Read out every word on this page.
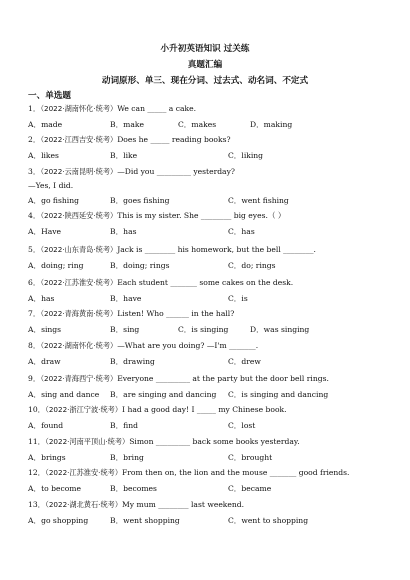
小升初英语知识 过关练
真题汇编
动词原形、单三、现在分词、过去式、动名词、不定式
一、单选题
1．（2022·湖南怀化·统考）We can _____ a cake.
A．made	B．make	C．makes	D．making
2．（2022·江西吉安·统考）Does he _____ reading books?
A．likes	B．like	C．liking
3．（2022·云南昆明·统考）—Did you _________ yesterday?
—Yes, I did.
A．go fishing	B．goes fishing	C．went fishing
4．（2022·陕西延安·统考）This is my sister. She ________ big eyes.（ ）
A．Have	B．has	C．has
5．（2022·山东青岛·统考）Jack is ________ his homework, but the bell ________.
A．doing; ring	B．doing; rings	C．do; rings
6．（2022·江苏淮安·统考）Each student _______ some cakes on the desk.
A．has	B．have	C．is
7．（2022·青海黄南·统考）Listen! Who ______ in the hall?
A．sings	B．sing	C．is singing	D．was singing
8．（2022·湖南怀化·统考）—What are you doing? —I'm _______.
A．draw	B．drawing	C．drew
9．（2022·青海西宁·统考）Everyone _________ at the party but the door bell rings.
A．sing and dance B．are singing and dancing C．is singing and dancing
10．（2022·浙江宁波·统考）I had a good day! I _____ my Chinese book.
A．found	B．find	C．lost
11．（2022·河南平顶山·统考）Simon _________ back some books yesterday.
A．brings	B．bring	C．brought
12．（2022·江苏淮安·统考）From then on, the lion and the mouse _______ good friends.
A．to become	B．becomes	C．became
13．（2022·湖北黄石·统考）My mum ________ last weekend.
A．go shopping	B．went shopping	C．went to shopping
